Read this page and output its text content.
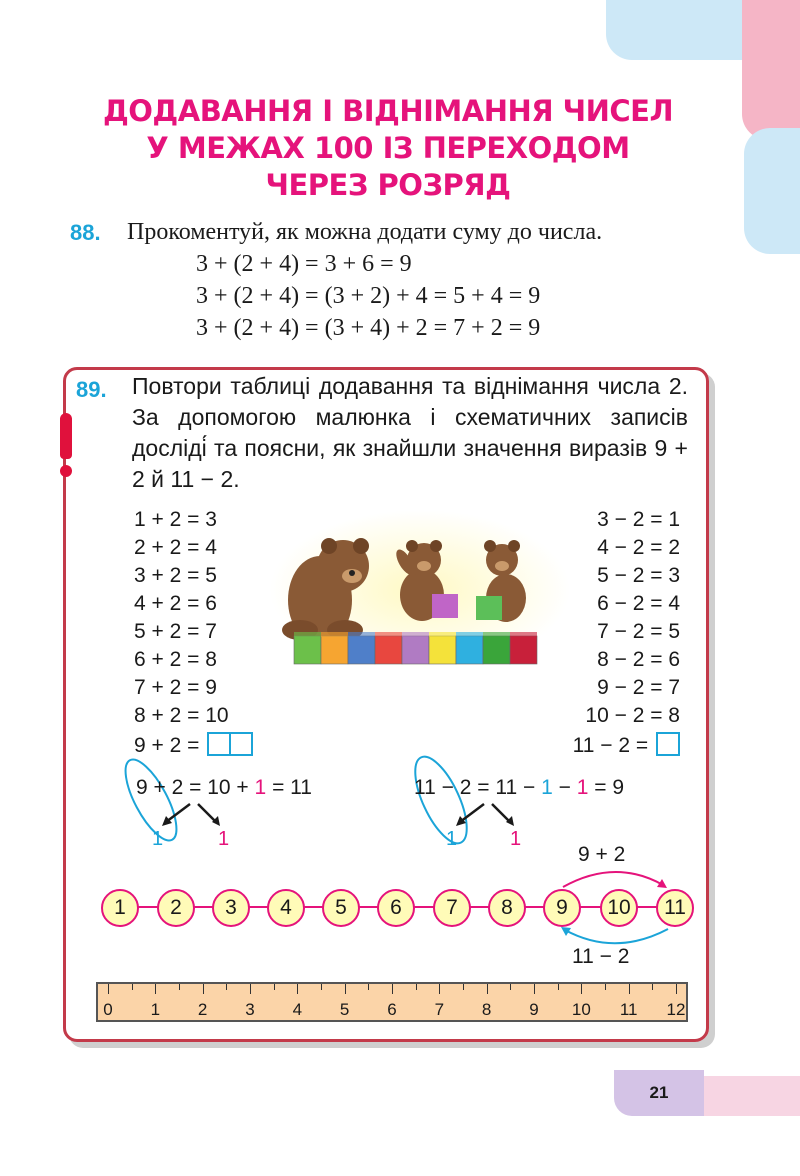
ДОДАВАННЯ І ВІДНІМАННЯ ЧИСЕЛ
У МЕЖАХ 100 ІЗ ПЕРЕХОДОМ
ЧЕРЕЗ РОЗРЯД
88. Прокоментуй, як можна додати суму до числа.
3 + (2 + 4) = 3 + 6 = 9
3 + (2 + 4) = (3 + 2) + 4 = 5 + 4 = 9
3 + (2 + 4) = (3 + 4) + 2 = 7 + 2 = 9
89. Повтори таблиці додавання та віднімання числа 2. За допомогою малюнка і схематичних записів досліді́ та поясни, як знайшли значення виразів 9 + 2 й 11 − 2.
1 + 2 = 3
2 + 2 = 4
3 + 2 = 5
4 + 2 = 6
5 + 2 = 7
6 + 2 = 8
7 + 2 = 9
8 + 2 = 10
9 + 2 =
3 − 2 = 1
4 − 2 = 2
5 − 2 = 3
6 − 2 = 4
7 − 2 = 5
8 − 2 = 6
9 − 2 = 7
10 − 2 = 8
11 − 2 =
9 + 2 = 10 + 1 = 11
1	1
11 − 2 = 11 − 1 − 1 = 9
1	1
9 + 2
11 − 2
1	2	3	4	5	6	7	8	9	10	11
0	1	2	3	4	5	6	7	8	9	10 11 12
21
